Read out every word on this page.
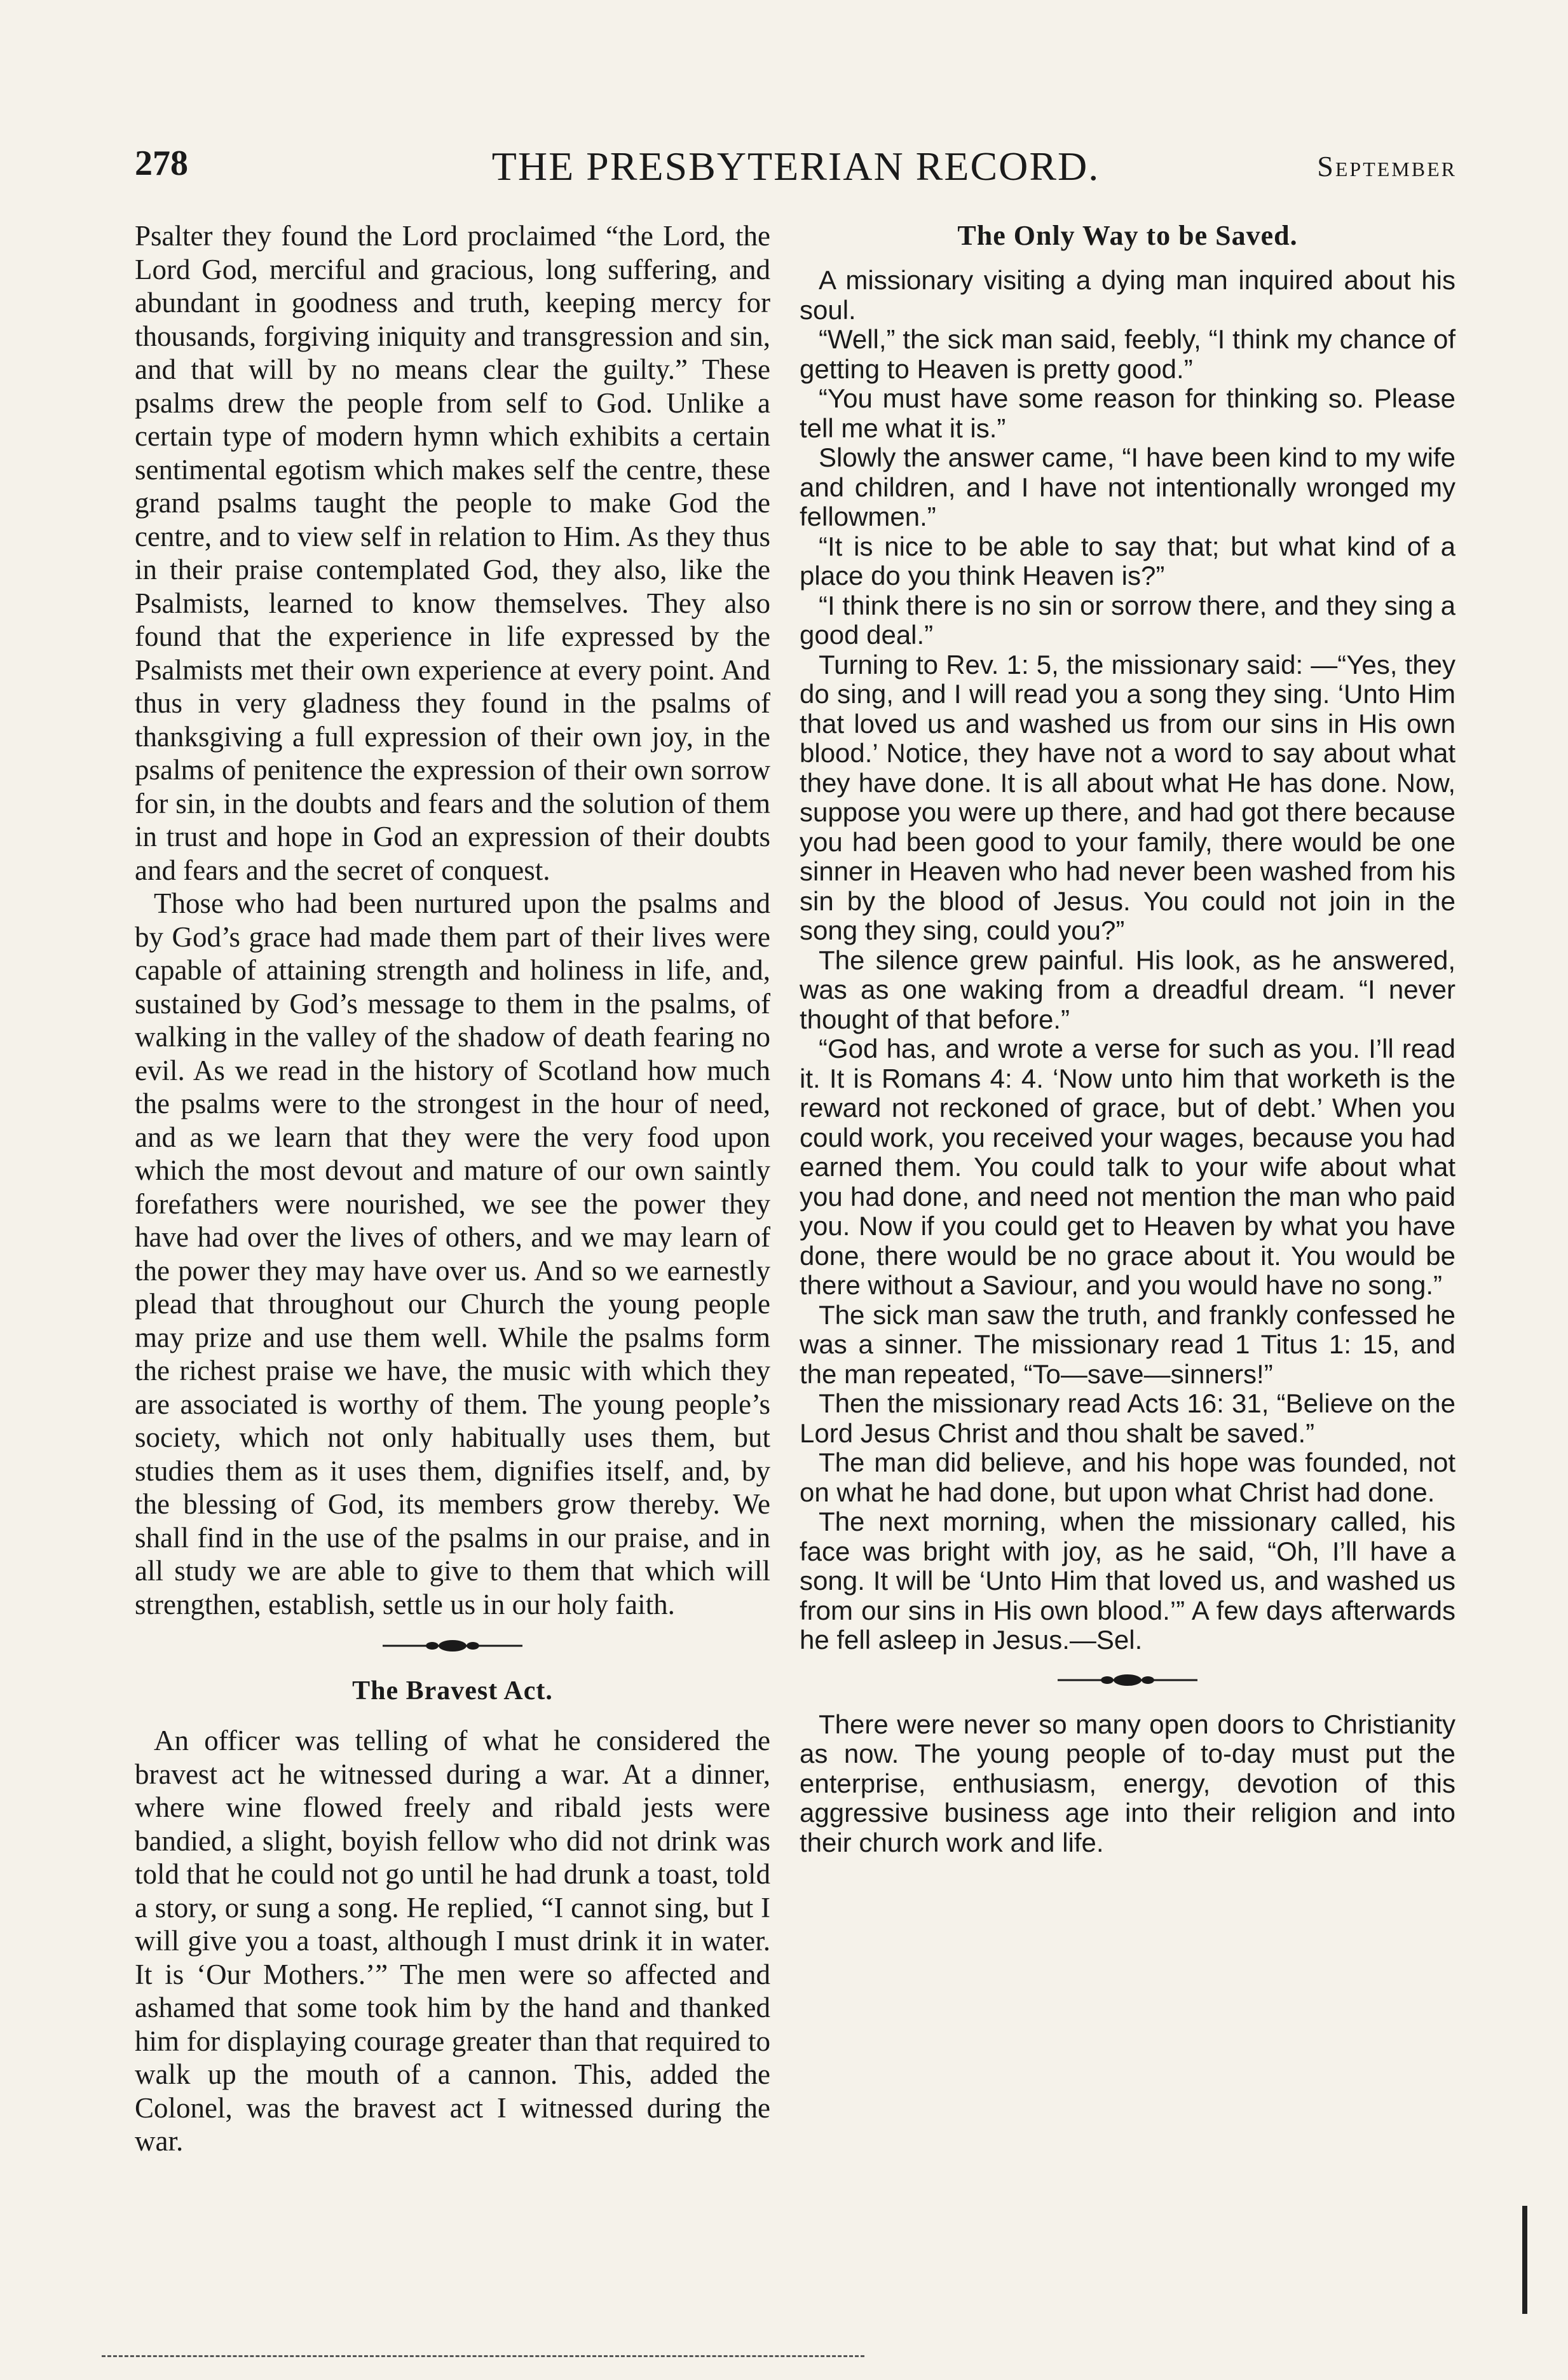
278	THE PRESBYTERIAN RECORD.	September

Psalter they found the Lord proclaimed “the Lord, the Lord God, merciful and gracious, long suffering, and abundant in goodness and truth, keeping mercy for thousands, forgiving iniquity and transgression and sin, and that will by no means clear the guilty.” These psalms drew the people from self to God. Unlike a certain type of modern hymn which exhibits a certain sentimental egotism which makes self the centre, these grand psalms taught the people to make God the centre, and to view self in relation to Him. As they thus in their praise contemplated God, they also, like the Psalmists, learned to know themselves. They also found that the experience in life expressed by the Psalmists met their own experience at every point. And thus in very gladness they found in the psalms of thanksgiving a full expression of their own joy, in the psalms of penitence the expression of their own sorrow for sin, in the doubts and fears and the solution of them in trust and hope in God an expression of their doubts and fears and the secret of conquest.

Those who had been nurtured upon the psalms and by God’s grace had made them part of their lives were capable of attaining strength and holiness in life, and, sustained by God’s message to them in the psalms, of walking in the valley of the shadow of death fearing no evil. As we read in the history of Scotland how much the psalms were to the strongest in the hour of need, and as we learn that they were the very food upon which the most devout and mature of our own saintly forefathers were nourished, we see the power they have had over the lives of others, and we may learn of the power they may have over us. And so we earnestly plead that throughout our Church the young people may prize and use them well. While the psalms form the richest praise we have, the music with which they are associated is worthy of them. The young people’s society, which not only habitually uses them, but studies them as it uses them, dignifies itself, and, by the blessing of God, its members grow thereby. We shall find in the use of the psalms in our praise, and in all study we are able to give to them that which will strengthen, establish, settle us in our holy faith.

The Bravest Act.

An officer was telling of what he considered the bravest act he witnessed during a war. At a dinner, where wine flowed freely and ribald jests were bandied, a slight, boyish fellow who did not drink was told that he could not go until he had drunk a toast, told a story, or sung a song. He replied, “I cannot sing, but I will give you a toast, although I must drink it in water. It is ‘Our Mothers.’” The men were so affected and ashamed that some took him by the hand and thanked him for displaying courage greater than that required to walk up the mouth of a cannon. This, added the Colonel, was the bravest act I witnessed during the war.

The Only Way to be Saved.

A missionary visiting a dying man inquired about his soul.

“Well,” the sick man said, feebly, “I think my chance of getting to Heaven is pretty good.”

“You must have some reason for thinking so. Please tell me what it is.”

Slowly the answer came, “I have been kind to my wife and children, and I have not intentionally wronged my fellowmen.”

“It is nice to be able to say that; but what kind of a place do you think Heaven is?”

“I think there is no sin or sorrow there, and they sing a good deal.”

Turning to Rev. 1: 5, the missionary said: —“Yes, they do sing, and I will read you a song they sing. ‘Unto Him that loved us and washed us from our sins in His own blood.’ Notice, they have not a word to say about what they have done. It is all about what He has done. Now, suppose you were up there, and had got there because you had been good to your family, there would be one sinner in Heaven who had never been washed from his sin by the blood of Jesus. You could not join in the song they sing, could you?”

The silence grew painful. His look, as he answered, was as one waking from a dreadful dream. “I never thought of that before.”

“God has, and wrote a verse for such as you. I’ll read it. It is Romans 4: 4. ‘Now unto him that worketh is the reward not reckoned of grace, but of debt.’ When you could work, you received your wages, because you had earned them. You could talk to your wife about what you had done, and need not mention the man who paid you. Now if you could get to Heaven by what you have done, there would be no grace about it. You would be there without a Saviour, and you would have no song.”

The sick man saw the truth, and frankly confessed he was a sinner. The missionary read 1 Titus 1: 15, and the man repeated, “To—save—sinners!”

Then the missionary read Acts 16: 31, “Believe on the Lord Jesus Christ and thou shalt be saved.”

The man did believe, and his hope was founded, not on what he had done, but upon what Christ had done.

The next morning, when the missionary called, his face was bright with joy, as he said, “Oh, I’ll have a song. It will be ‘Unto Him that loved us, and washed us from our sins in His own blood.’” A few days afterwards he fell asleep in Jesus.—Sel.

There were never so many open doors to Christianity as now. The young people of to-day must put the enterprise, enthusiasm, energy, devotion of this aggressive business age into their religion and into their church work and life.
